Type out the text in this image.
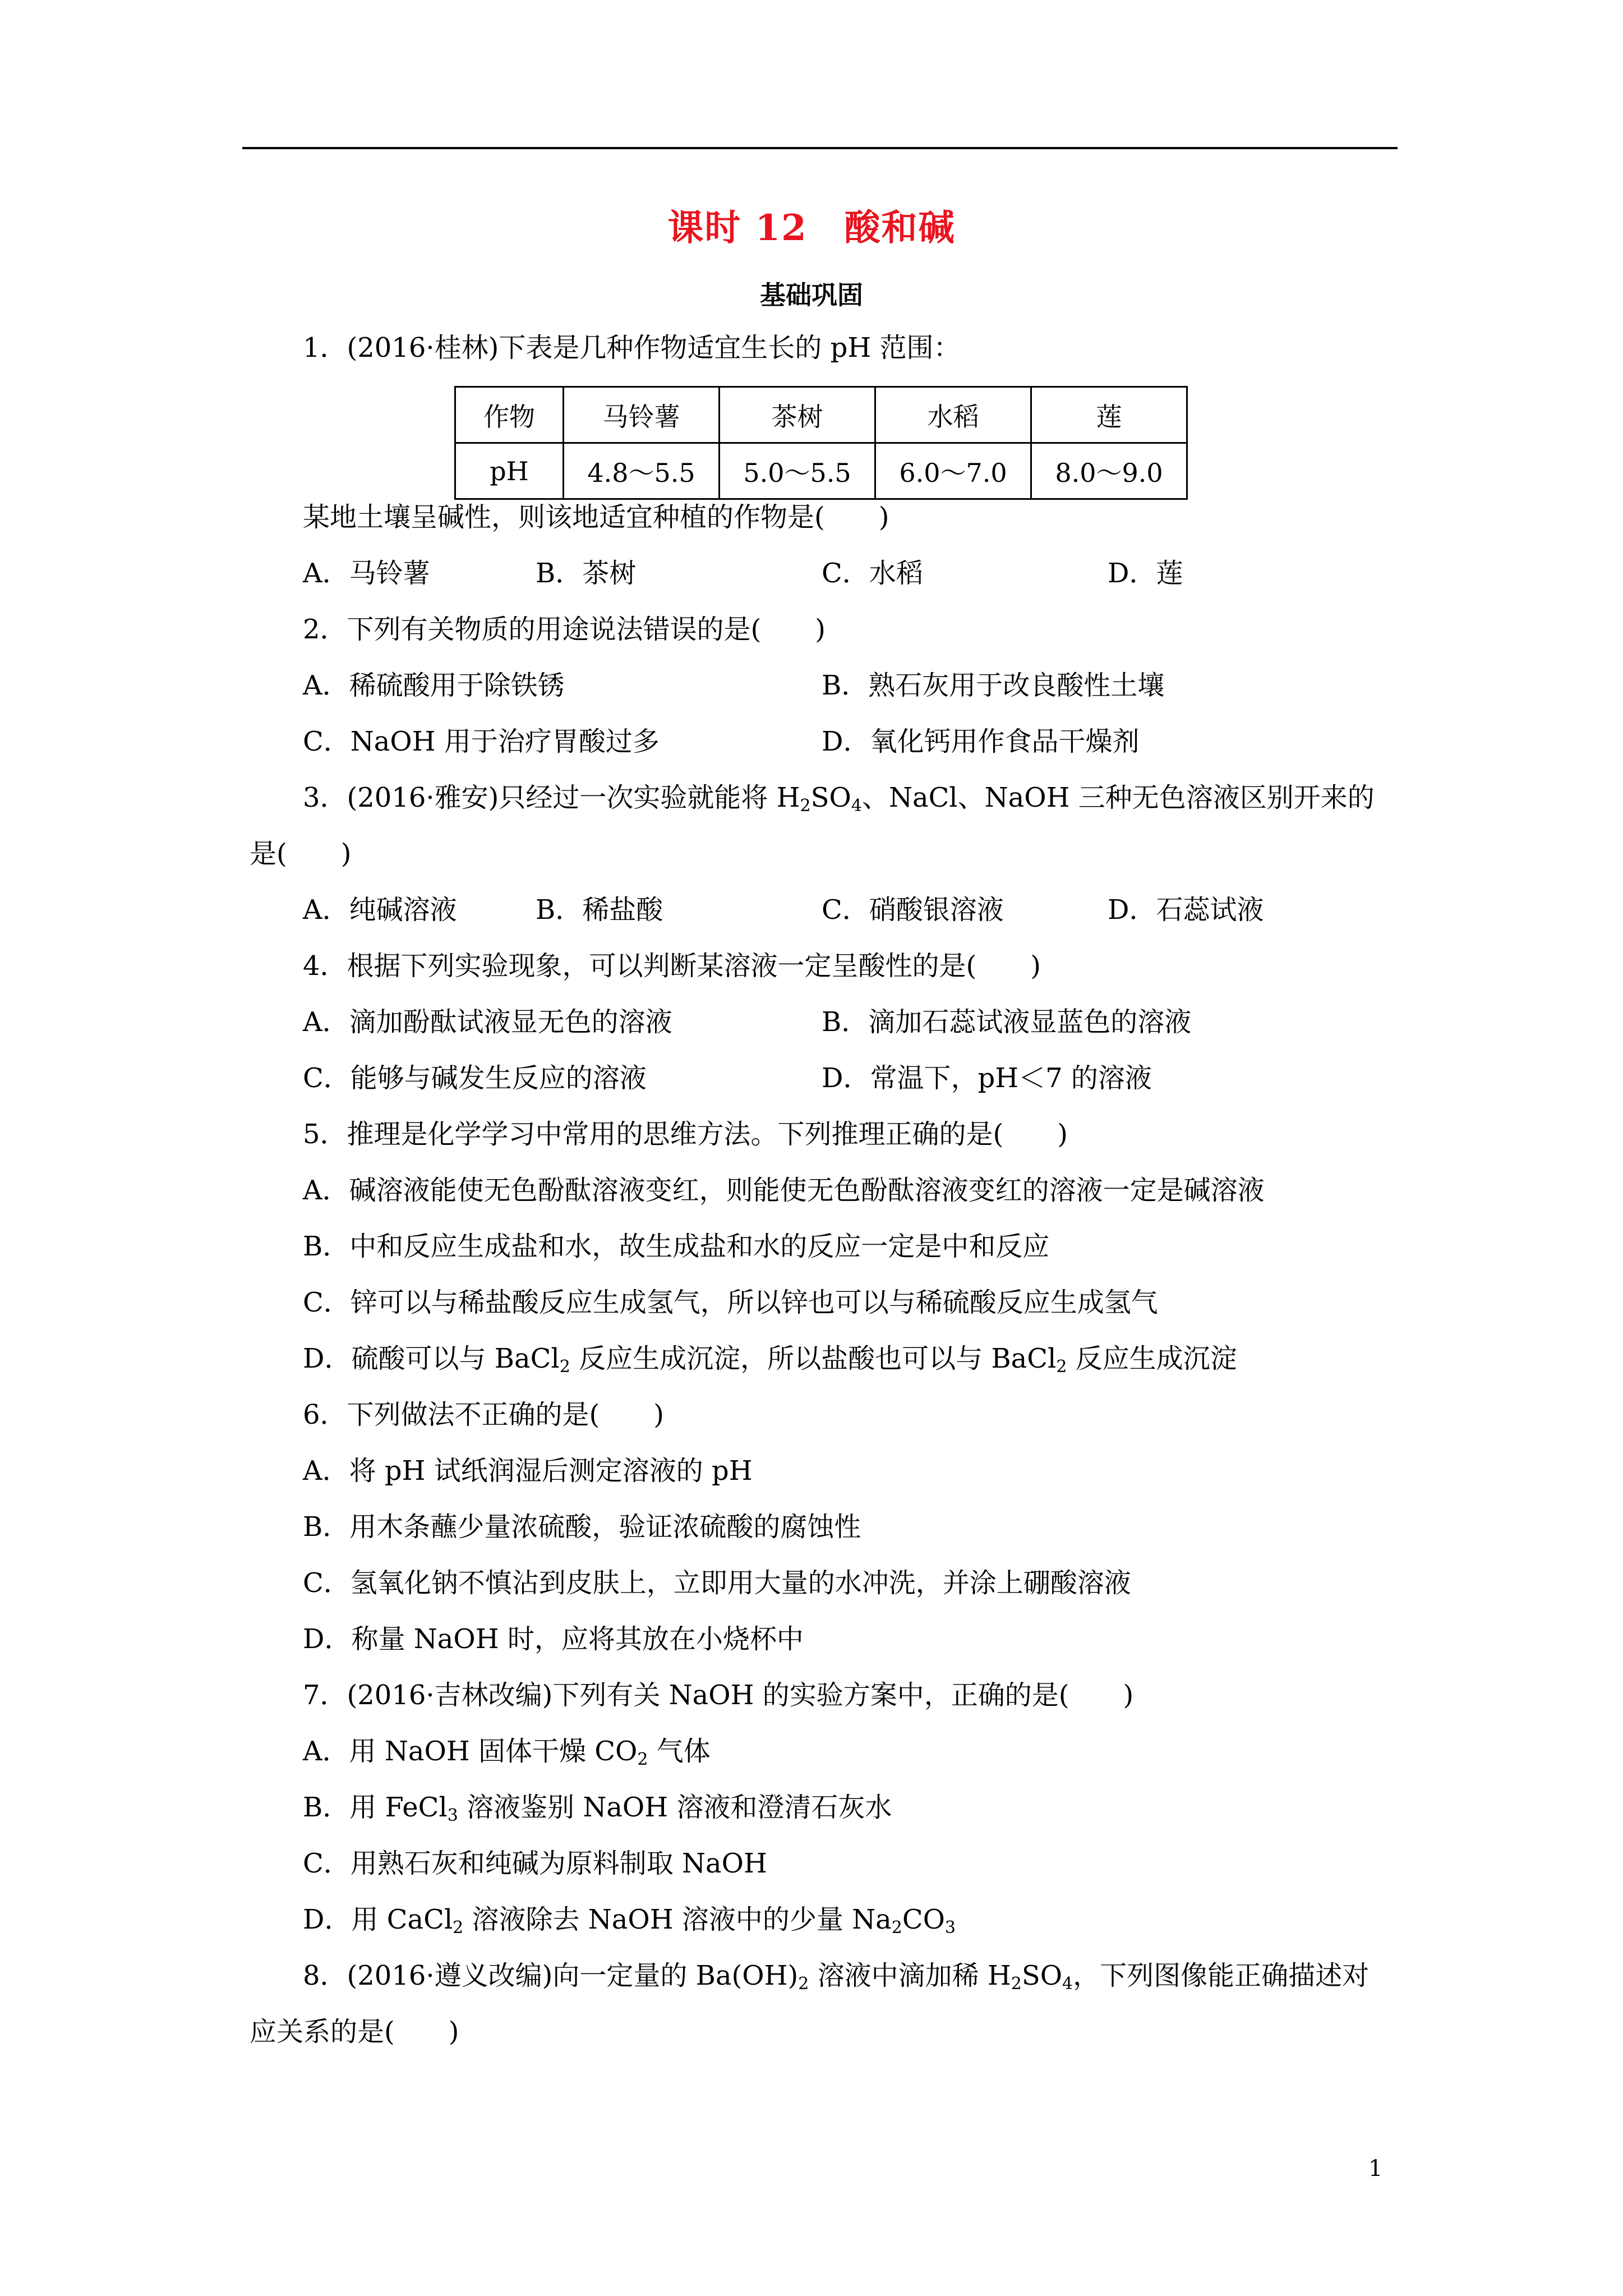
课时 12　酸和碱
基础巩固
1．(2016·桂林)下表是几种作物适宜生长的 pH 范围：
作物	马铃薯	茶树	水稻	莲
pH	4.8～5.5	5.0～5.5	6.0～7.0	8.0～9.0
某地土壤呈碱性，则该地适宜种植的作物是(　　)
A．马铃薯	B．茶树	C．水稻	D．莲
2．下列有关物质的用途说法错误的是(　　)
A．稀硫酸用于除铁锈	B．熟石灰用于改良酸性土壤
C．NaOH 用于治疗胃酸过多	D．氧化钙用作食品干燥剂
3．(2016·雅安)只经过一次实验就能将 $H_2SO_4$、NaCl、NaOH 三种无色溶液区别开来的
是(　　)
A．纯碱溶液	B．稀盐酸	C．硝酸银溶液	D．石蕊试液
4．根据下列实验现象，可以判断某溶液一定呈酸性的是(　　)
A．滴加酚酞试液显无色的溶液	B．滴加石蕊试液显蓝色的溶液
C．能够与碱发生反应的溶液	D．常温下，pH＜7 的溶液
5．推理是化学学习中常用的思维方法。下列推理正确的是(　　)
A．碱溶液能使无色酚酞溶液变红，则能使无色酚酞溶液变红的溶液一定是碱溶液
B．中和反应生成盐和水，故生成盐和水的反应一定是中和反应
C．锌可以与稀盐酸反应生成氢气，所以锌也可以与稀硫酸反应生成氢气
D．硫酸可以与 BaCl$_2$ 反应生成沉淀，所以盐酸也可以与 BaCl$_2$ 反应生成沉淀
6．下列做法不正确的是(　　)
A．将 pH 试纸润湿后测定溶液的 pH
B．用木条蘸少量浓硫酸，验证浓硫酸的腐蚀性
C．氢氧化钠不慎沾到皮肤上，立即用大量的水冲洗，并涂上硼酸溶液
D．称量 NaOH 时，应将其放在小烧杯中
7．(2016·吉林改编)下列有关 NaOH 的实验方案中，正确的是(　　)
A．用 NaOH 固体干燥 $CO_2$ 气体
B．用 FeCl$_3$ 溶液鉴别 NaOH 溶液和澄清石灰水
C．用熟石灰和纯碱为原料制取 NaOH
D．用 CaCl$_2$ 溶液除去 NaOH 溶液中的少量 $Na_2CO_3$
8．(2016·遵义改编)向一定量的 $Ba(OH)_2$ 溶液中滴加稀 $H_2SO_4$，下列图像能正确描述对
应关系的是(　　)
1
